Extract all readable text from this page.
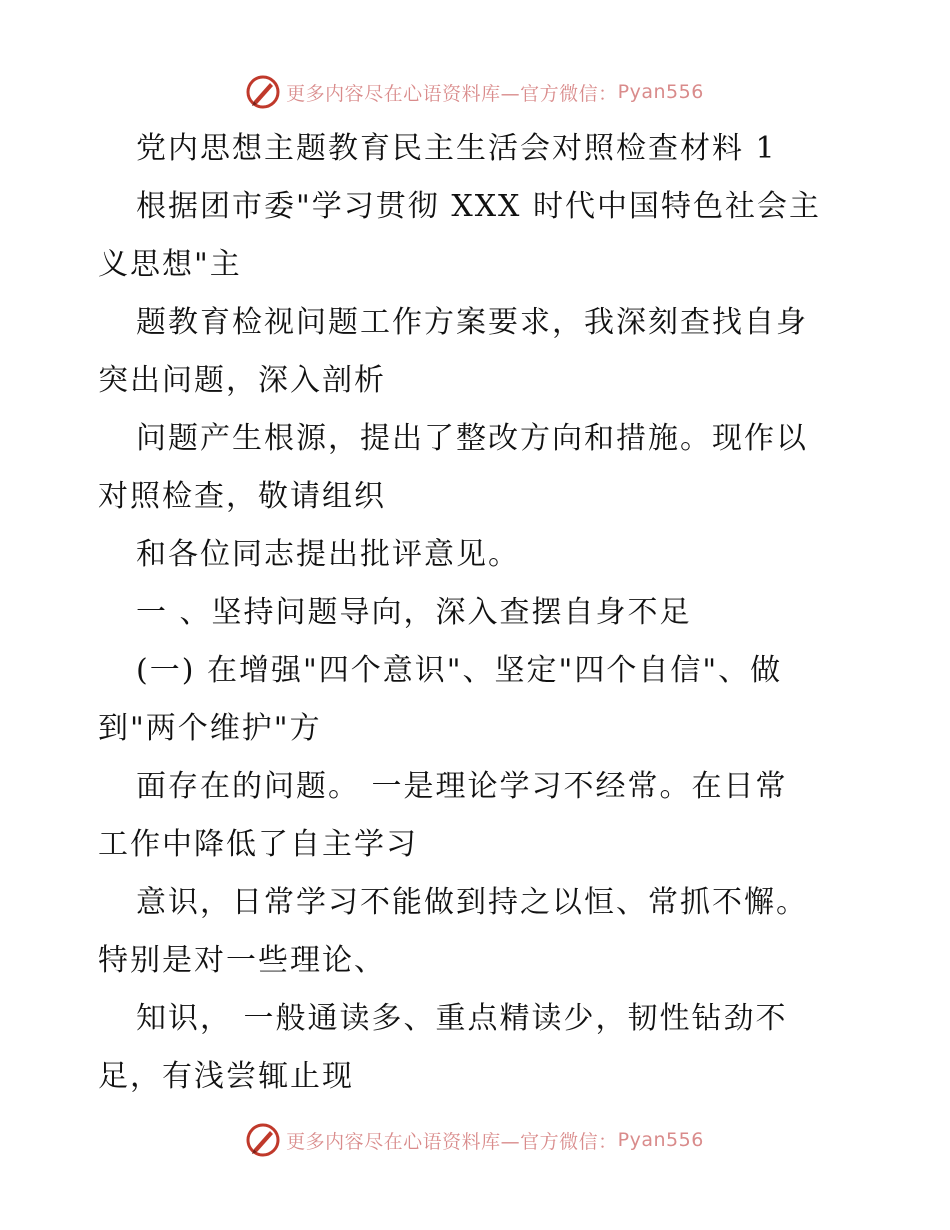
更多内容尽在心语资料库—官方微信： Pyan556
党内思想主题教育民主生活会对照检查材料 1
根据团市委"学习贯彻 XXX 时代中国特色社会主
义思想"主
题教育检视问题工作方案要求，我深刻查找自身
突出问题，深入剖析
问题产生根源，提出了整改方向和措施。现作以
对照检查，敬请组织
和各位同志提出批评意见。
一 、坚持问题导向，深入查摆自身不足
(一) 在增强"四个意识"、坚定"四个自信"、做
到"两个维护"方
面存在的问题。 一是理论学习不经常。在日常
工作中降低了自主学习
意识，日常学习不能做到持之以恒、常抓不懈。
特别是对一些理论、
知识， 一般通读多、重点精读少，韧性钻劲不
足，有浅尝辄止现
更多内容尽在心语资料库—官方微信： Pyan556
